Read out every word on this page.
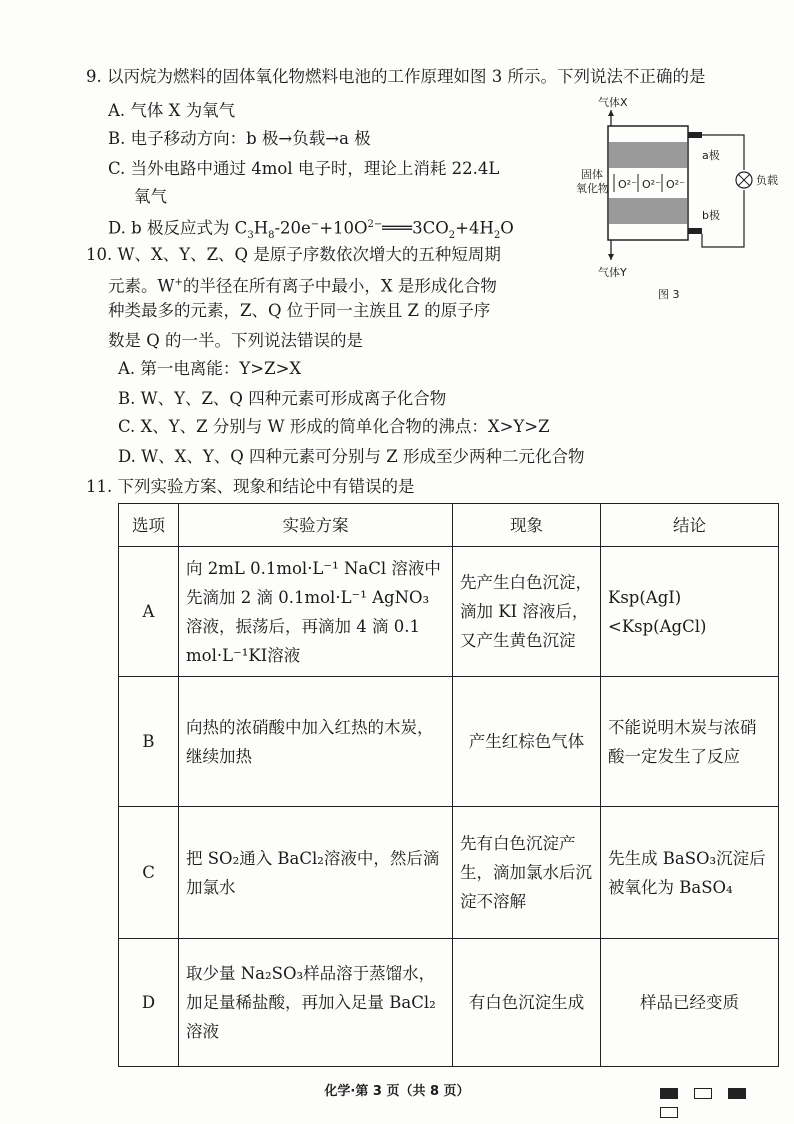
9. 以丙烷为燃料的固体氧化物燃料电池的工作原理如图 3 所示。下列说法不正确的是
A. 气体 X 为氧气
B. 电子移动方向：b 极→负载→a 极
C. 当外电路中通过 4mol 电子时，理论上消耗 22.4L
氧气
D. b 极反应式为 $C_3H_8-20e^-+10O^{2-}═══3CO_2+4H_2O$
气体X
固体
氧化物 O²⁻ O²⁻ O²⁻
a极
b极
负载
气体Y
图 3
10. W、X、Y、Z、Q 是原子序数依次增大的五种短周期
元素。W+的半径在所有离子中最小，X 是形成化合物
种类最多的元素，Z、Q 位于同一主族且 Z 的原子序
数是 Q 的一半。下列说法错误的是
A. 第一电离能：Y>Z>X
B. W、Y、Z、Q 四种元素可形成离子化合物
C. X、Y、Z 分别与 W 形成的简单化合物的沸点：X>Y>Z
D. W、X、Y、Q 四种元素可分别与 Z 形成至少两种二元化合物
11. 下列实验方案、现象和结论中有错误的是
选项	实验方案	现象	结论
A	向 2mL 0.1mol·L⁻¹ NaCl 溶液中先滴加 2 滴 0.1mol·L⁻¹ AgNO₃ 溶液，振荡后，再滴加 4 滴 0.1 mol·L⁻¹KI溶液	先产生白色沉淀，滴加 KI 溶液后，又产生黄色沉淀	Ksp(AgI)<Ksp(AgCl)
B	向热的浓硝酸中加入红热的木炭，继续加热	产生红棕色气体	不能说明木炭与浓硝酸一定发生了反应
C	把 SO₂通入 BaCl₂溶液中，然后滴加氯水	先有白色沉淀产生，滴加氯水后沉淀不溶解	先生成 BaSO₃沉淀后被氧化为 BaSO₄
D	取少量 Na₂SO₃样品溶于蒸馏水，加足量稀盐酸，再加入足量 BaCl₂溶液	有白色沉淀生成	样品已经变质
化学·第 3 页（共 8 页）
